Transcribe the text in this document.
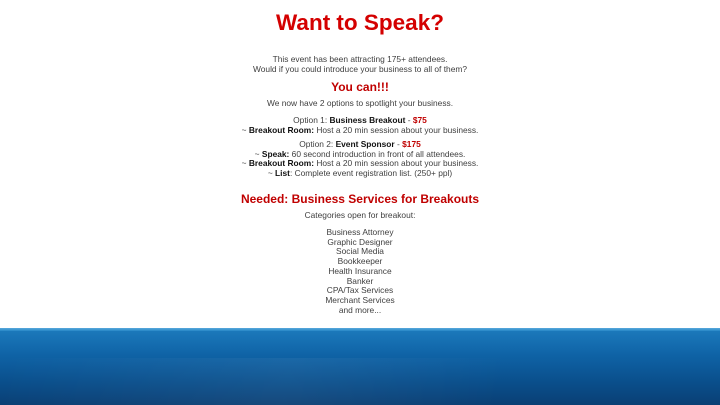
Want to Speak?
This event has been attracting 175+ attendees.
Would if you could introduce your business to all of them?
You can!!!
We now have 2 options to spotlight your business.
Option 1: Business Breakout - $75
~ Breakout Room: Host a 20 min session about your business.
Option 2: Event Sponsor - $175
~ Speak: 60 second introduction in front of all attendees.
~ Breakout Room: Host a 20 min session about your business.
~ List: Complete event registration list. (250+ ppl)
Needed: Business Services for Breakouts
Categories open for breakout:
Business Attorney
Graphic Designer
Social Media
Bookkeeper
Health Insurance
Banker
CPA/Tax Services
Merchant Services
and more...
